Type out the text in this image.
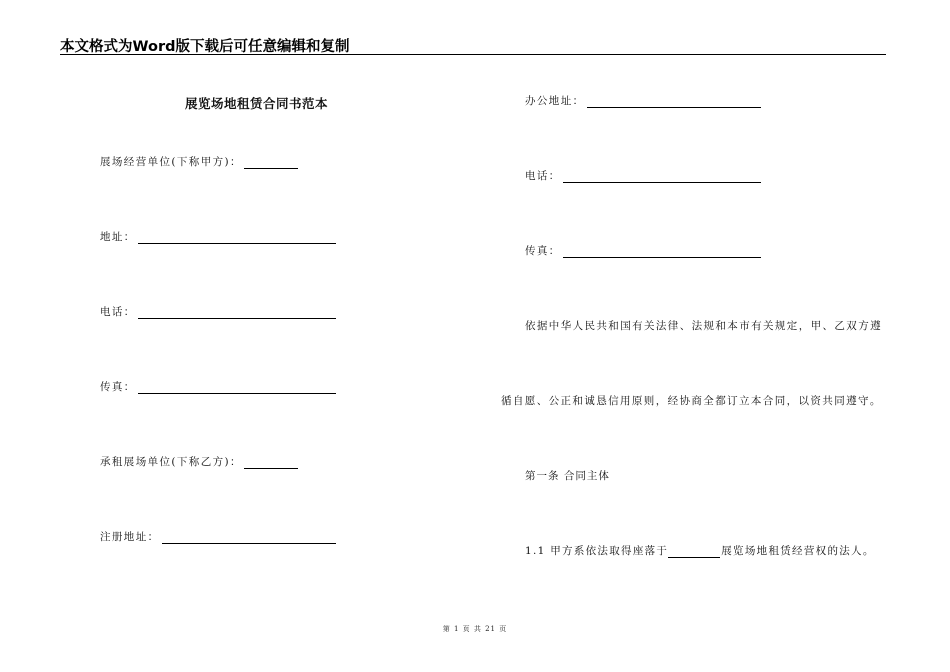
本文格式为Word版下载后可任意编辑和复制
展览场地租赁合同书范本
展场经营单位(下称甲方)：
地址：
电话：
传真：
承租展场单位(下称乙方)：
注册地址：
办公地址：
电话：
传真：
依据中华人民共和国有关法律、法规和本市有关规定，甲、乙双方遵
循自愿、公正和诚恳信用原则，经协商全都订立本合同，以资共同遵守。
第一条 合同主体
1.1 甲方系依法取得座落于	展览场地租赁经营权的法人。
第 1 页 共 21 页
